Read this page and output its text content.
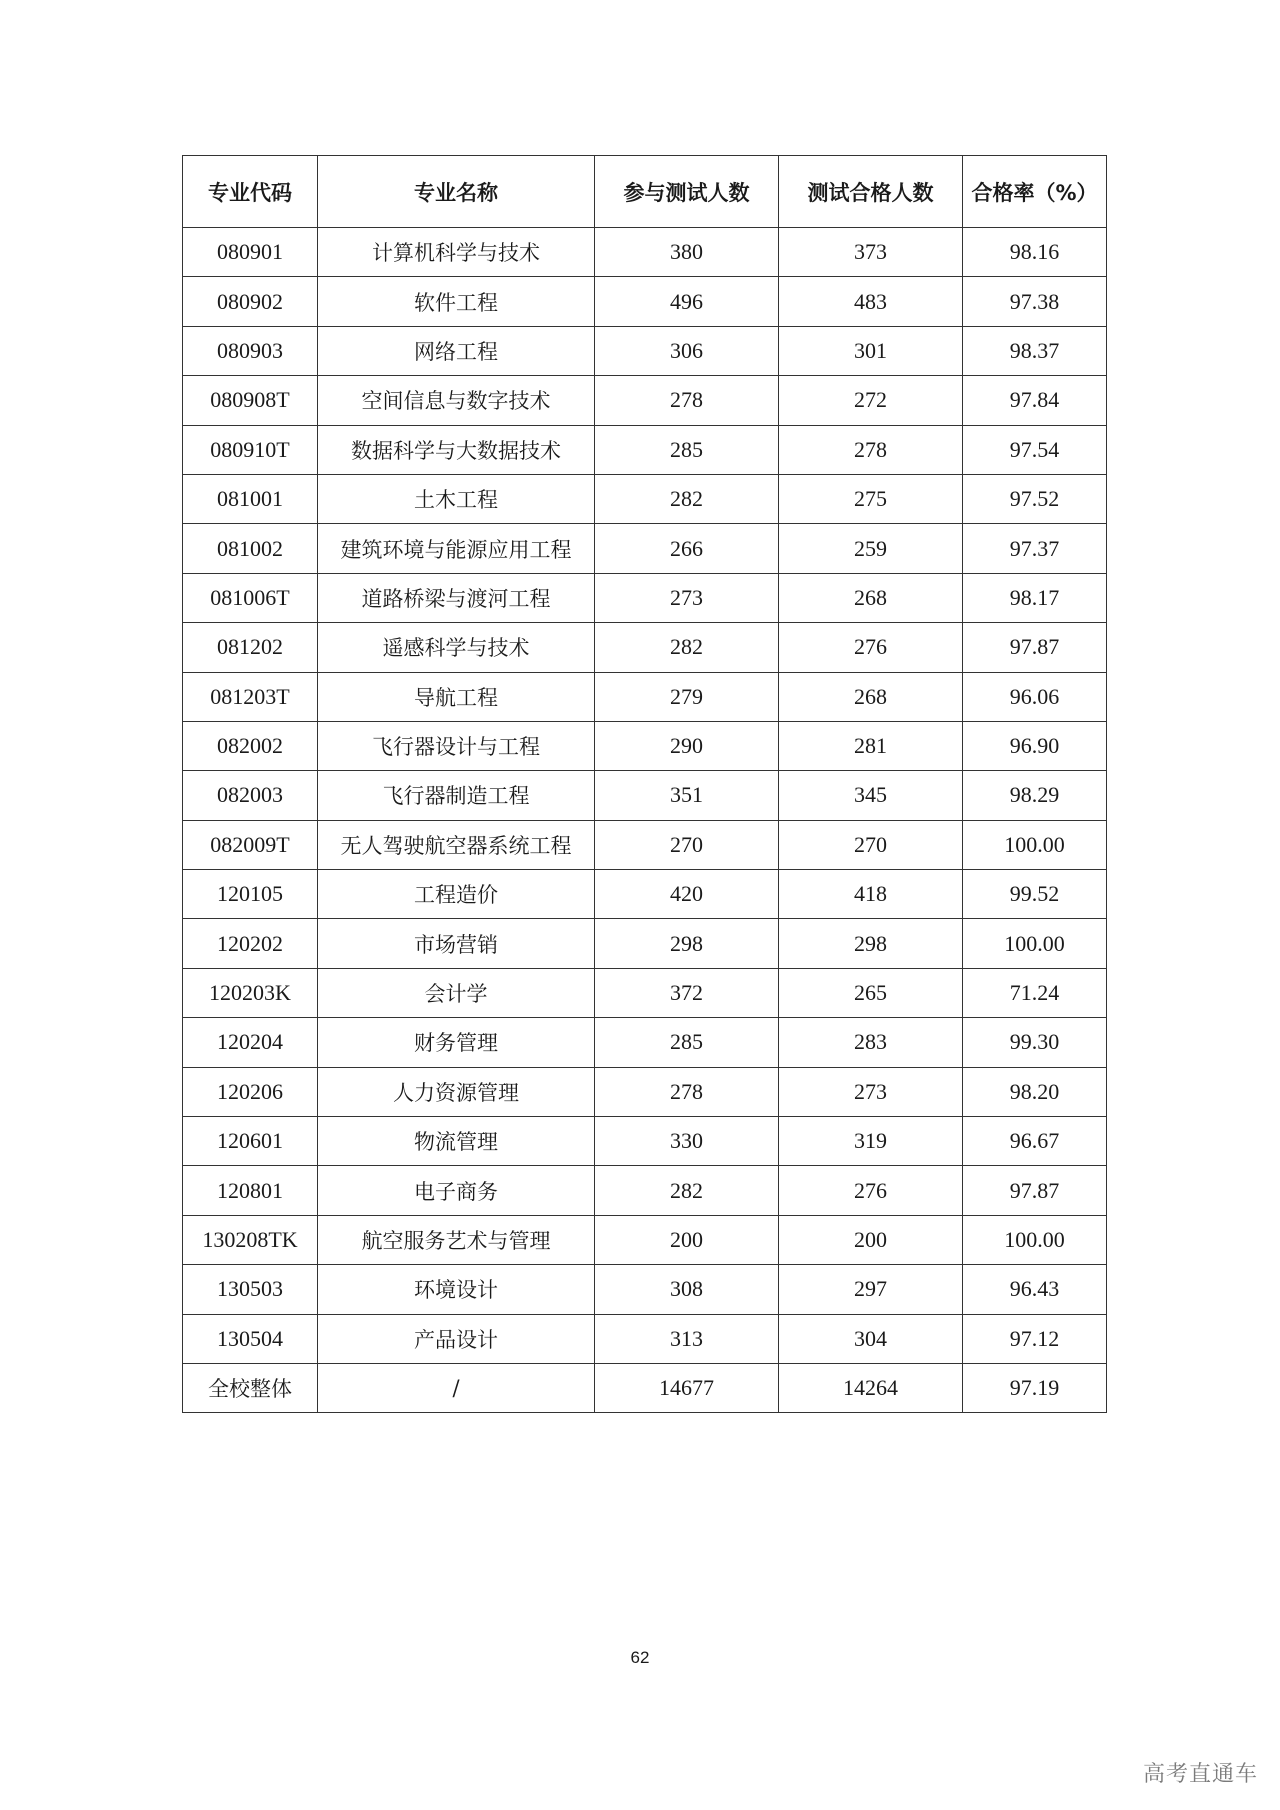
专业代码	专业名称	参与测试人数	测试合格人数	合格率（%）
080901	计算机科学与技术	380	373	98.16
080902	软件工程	496	483	97.38
080903	网络工程	306	301	98.37
080908T	空间信息与数字技术	278	272	97.84
080910T	数据科学与大数据技术	285	278	97.54
081001	土木工程	282	275	97.52
081002	建筑环境与能源应用工程	266	259	97.37
081006T	道路桥梁与渡河工程	273	268	98.17
081202	遥感科学与技术	282	276	97.87
081203T	导航工程	279	268	96.06
082002	飞行器设计与工程	290	281	96.90
082003	飞行器制造工程	351	345	98.29
082009T	无人驾驶航空器系统工程	270	270	100.00
120105	工程造价	420	418	99.52
120202	市场营销	298	298	100.00
120203K	会计学	372	265	71.24
120204	财务管理	285	283	99.30
120206	人力资源管理	278	273	98.20
120601	物流管理	330	319	96.67
120801	电子商务	282	276	97.87
130208TK	航空服务艺术与管理	200	200	100.00
130503	环境设计	308	297	96.43
130504	产品设计	313	304	97.12
全校整体	/	14677	14264	97.19
62
高考直通车
